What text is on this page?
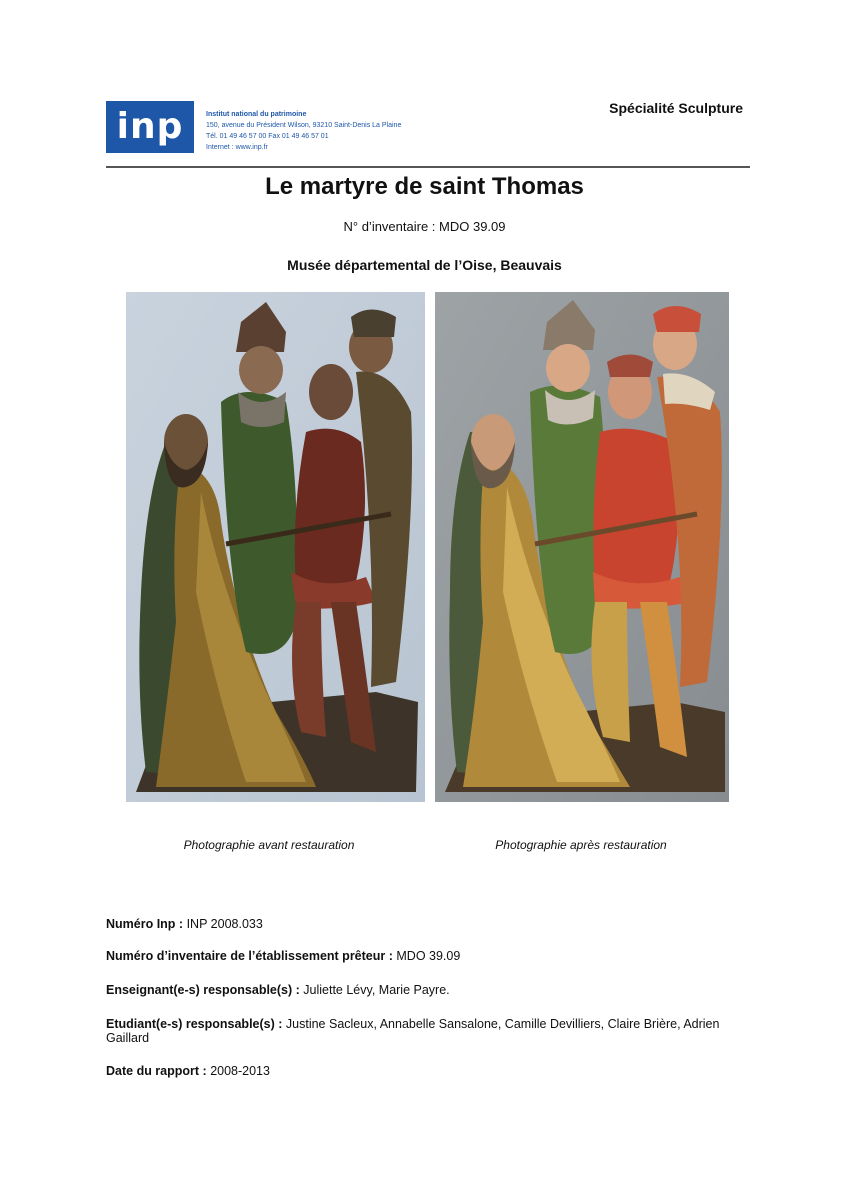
inp	Institut national du patrimoine
150, avenue du Président Wilson, 93210 Saint-Denis La Plaine
Tél. 01 49 46 57 00 Fax 01 49 46 57 01
Internet : www.inp.fr
Spécialité Sculpture
Le martyre de saint Thomas
N° d’inventaire : MDO 39.09
Musée départemental de l’Oise, Beauvais
Photographie avant restauration	Photographie après restauration
Numéro Inp : INP 2008.033
Numéro d’inventaire de l’établissement prêteur : MDO 39.09
Enseignant(e-s) responsable(s) : Juliette Lévy, Marie Payre.
Etudiant(e-s) responsable(s) : Justine Sacleux, Annabelle Sansalone, Camille Devilliers, Claire Brière, Adrien Gaillard
Date du rapport : 2008-2013
